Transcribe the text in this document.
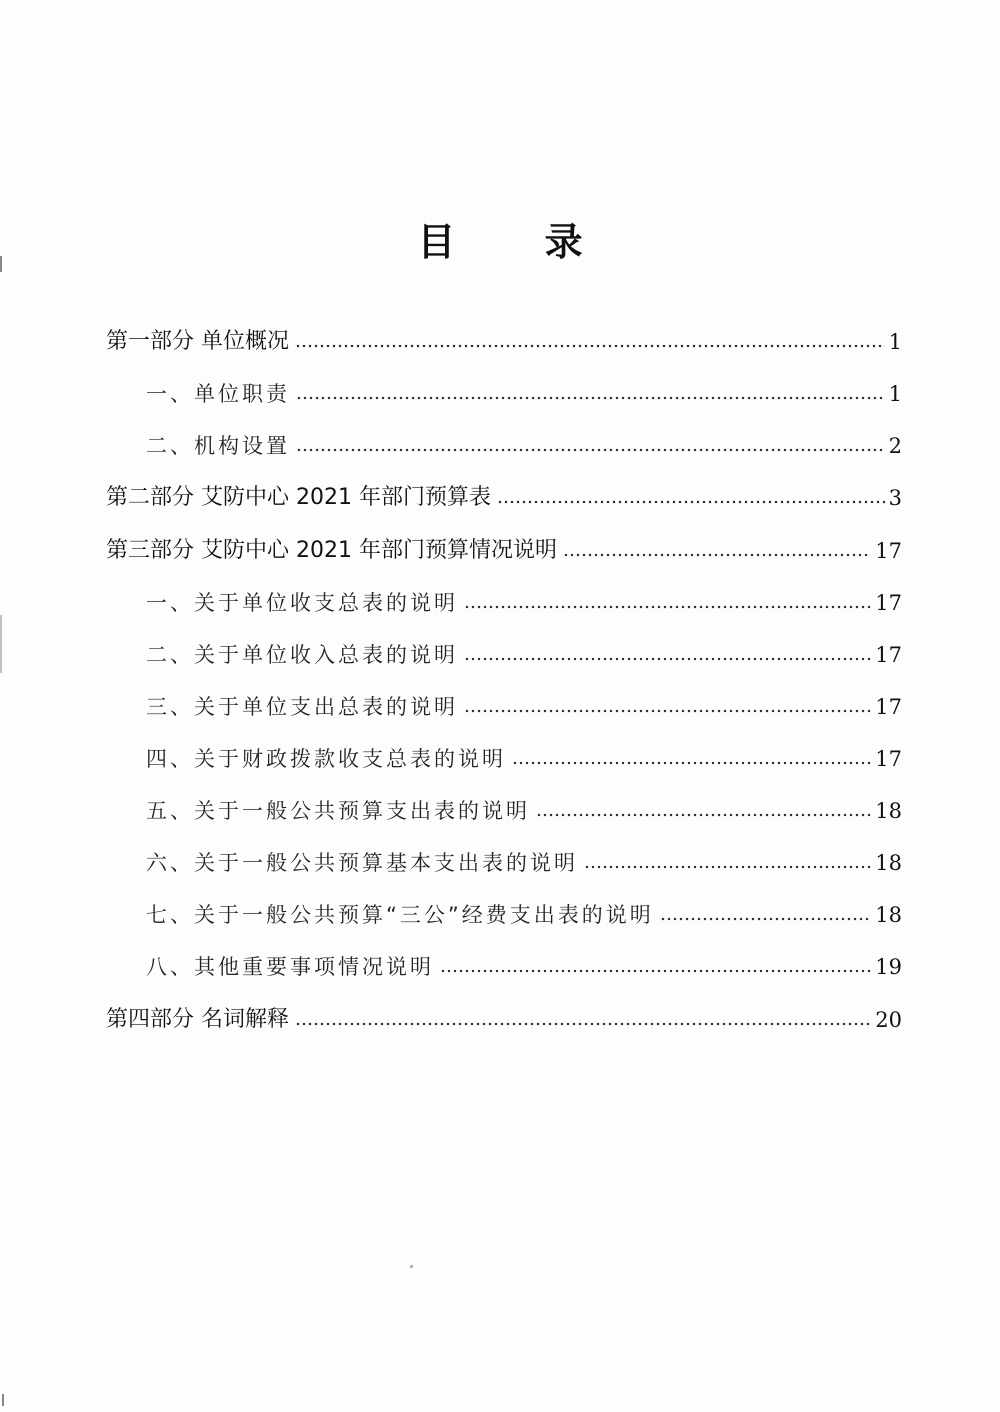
目 录
第一部分 单位概况	1
一、单位职责	1
二、机构设置	2
第二部分 艾防中心 2021 年部门预算表	3
第三部分 艾防中心 2021 年部门预算情况说明	17
一、关于单位收支总表的说明	17
二、关于单位收入总表的说明	17
三、关于单位支出总表的说明	17
四、关于财政拨款收支总表的说明	17
五、关于一般公共预算支出表的说明	18
六、关于一般公共预算基本支出表的说明	18
七、关于一般公共预算“三公”经费支出表的说明	18
八、其他重要事项情况说明	19
第四部分 名词解释	20
